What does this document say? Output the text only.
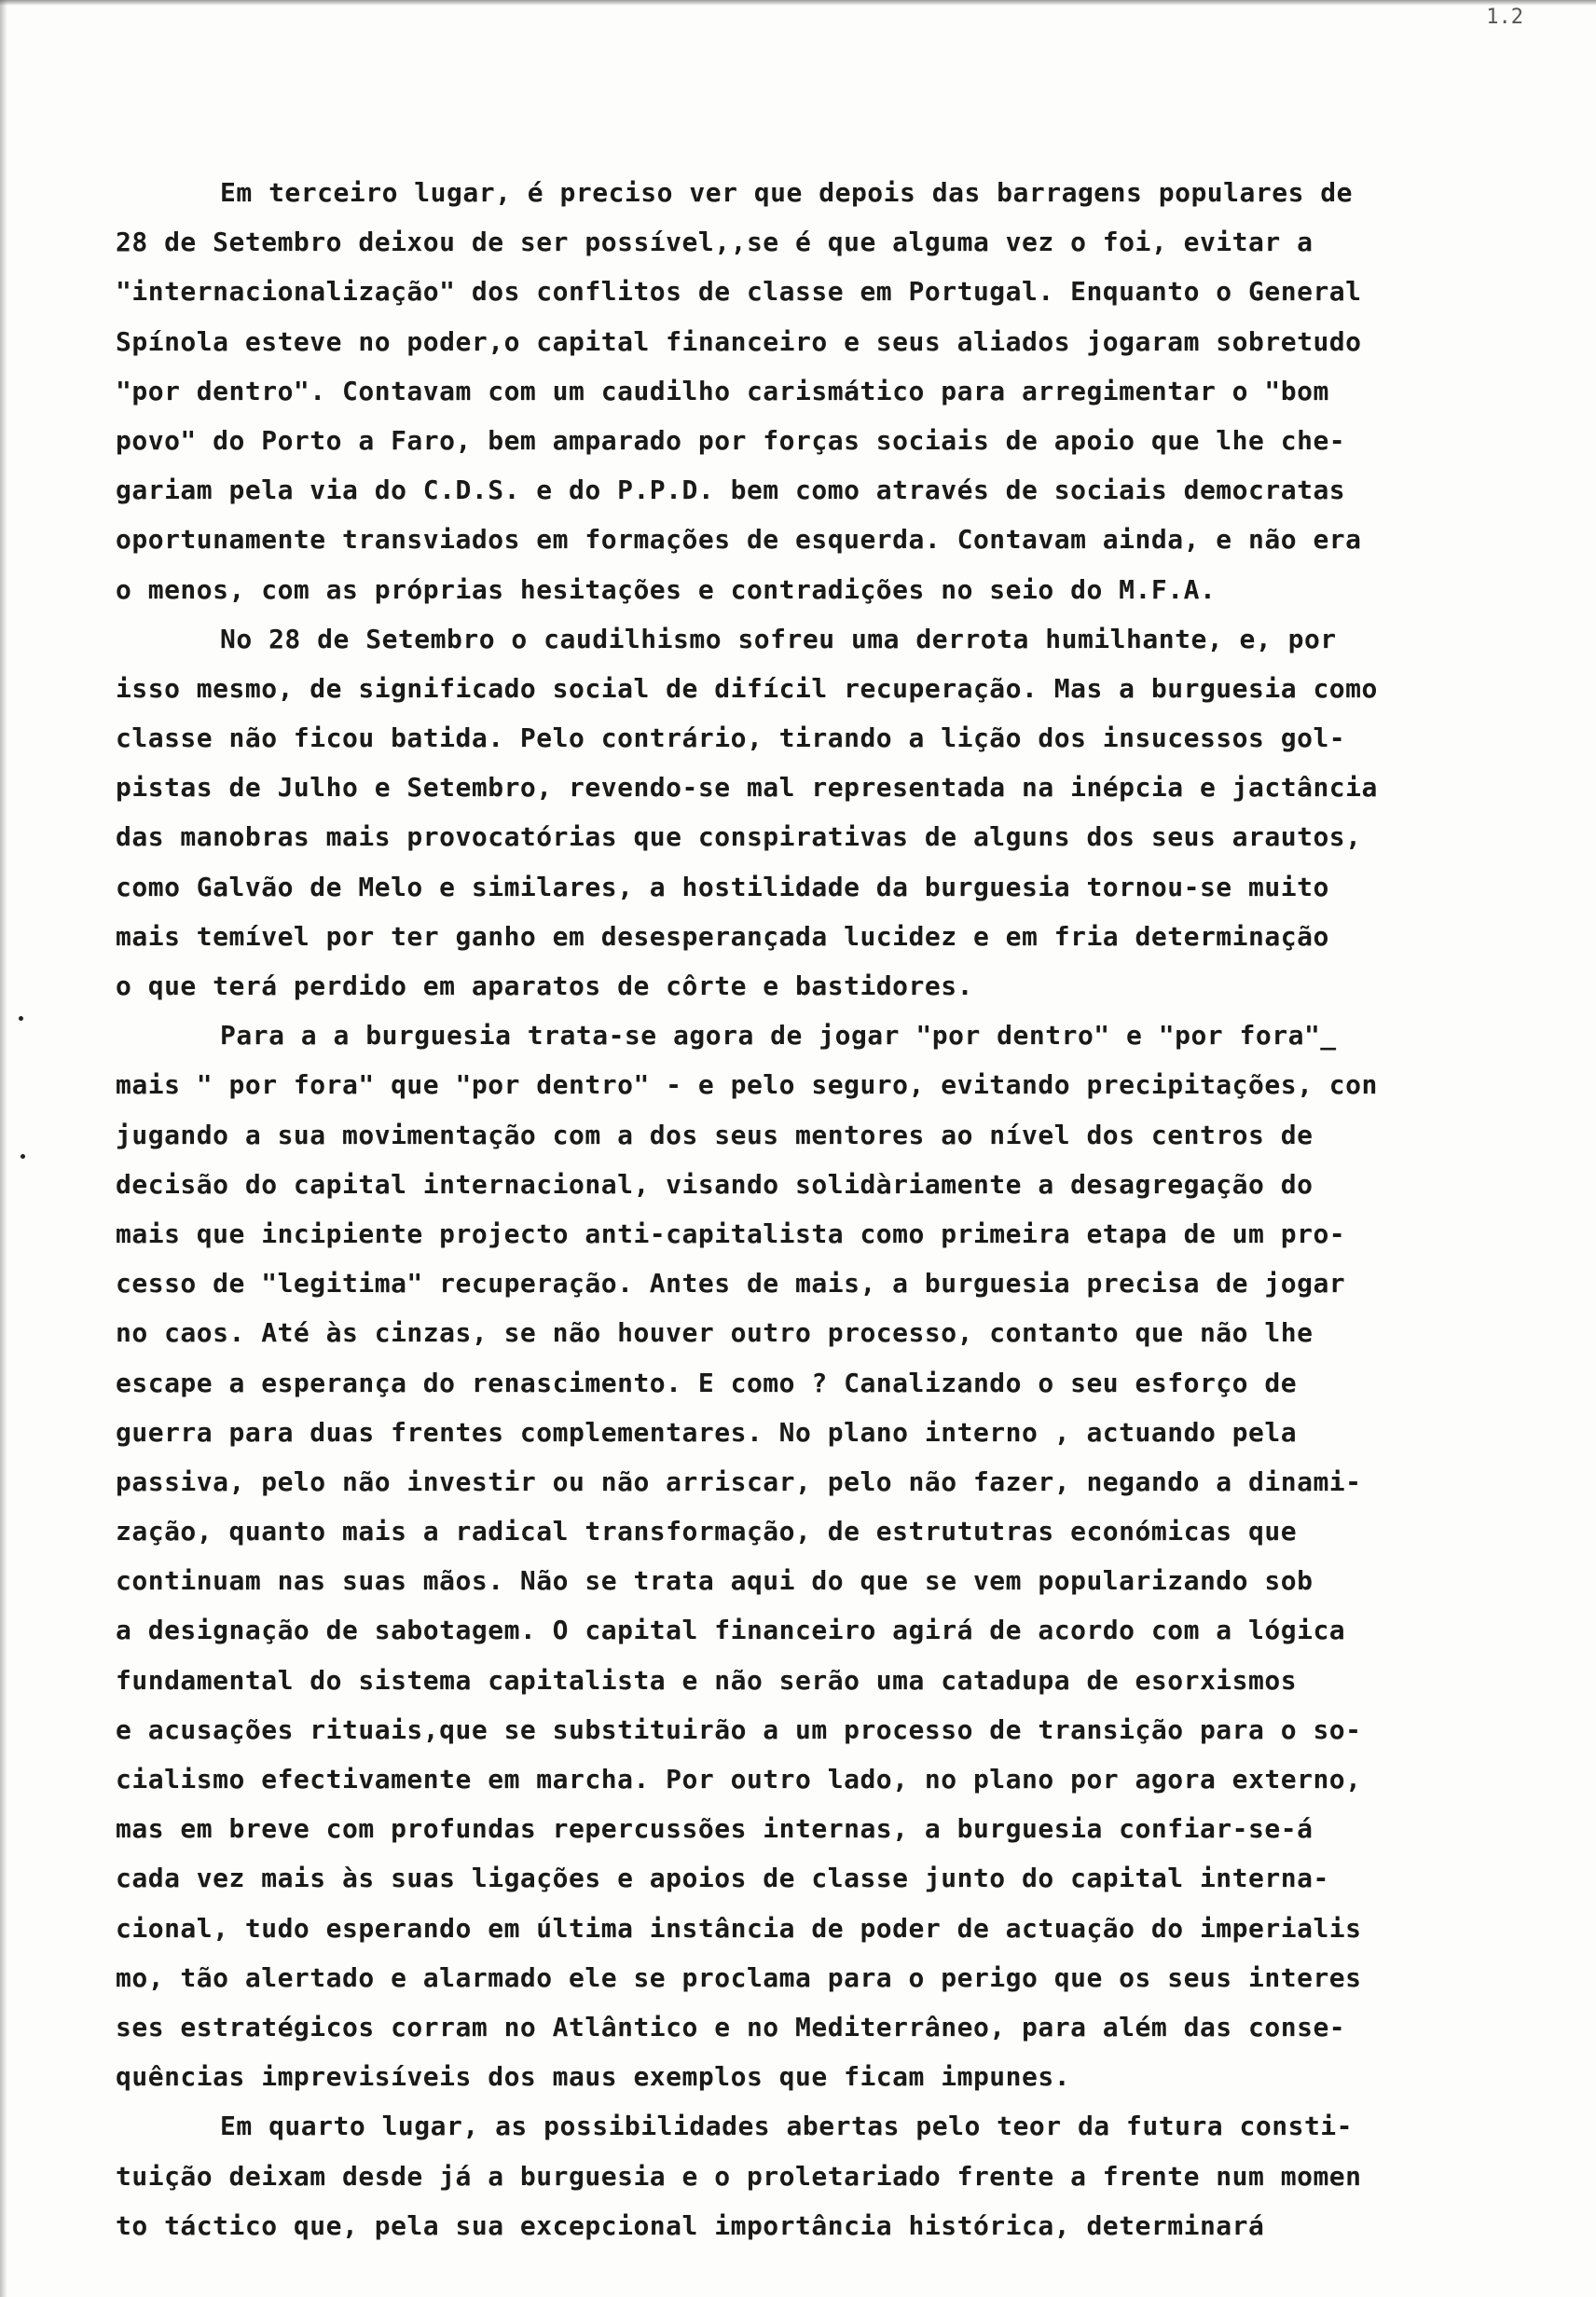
1.2
Em terceiro lugar, é preciso ver que depois das barragens populares de
28 de Setembro deixou de ser possível,,se é que alguma vez o foi, evitar a
"internacionalização" dos conflitos de classe em Portugal. Enquanto o General
Spínola esteve no poder,o capital financeiro e seus aliados jogaram sobretudo
"por dentro". Contavam com um caudilho carismático para arregimentar o "bom
povo" do Porto a Faro, bem amparado por forças sociais de apoio que lhe che-
gariam pela via do C.D.S. e do P.P.D. bem como através de sociais democratas
oportunamente transviados em formações de esquerda. Contavam ainda, e não era
o menos, com as próprias hesitações e contradições no seio do M.F.A.
No 28 de Setembro o caudilhismo sofreu uma derrota humilhante, e, por
isso mesmo, de significado social de difícil recuperação. Mas a burguesia como
classe não ficou batida. Pelo contrário, tirando a lição dos insucessos gol-
pistas de Julho e Setembro, revendo-se mal representada na inépcia e jactância
das manobras mais provocatórias que conspirativas de alguns dos seus arautos,
como Galvão de Melo e similares, a hostilidade da burguesia tornou-se muito
mais temível por ter ganho em desesperançada lucidez e em fria determinação
o que terá perdido em aparatos de côrte e bastidores.
Para a a burguesia trata-se agora de jogar "por dentro" e "por fora"_
mais " por fora" que "por dentro" - e pelo seguro, evitando precipitações, con
jugando a sua movimentação com a dos seus mentores ao nível dos centros de
decisão do capital internacional, visando solidàriamente a desagregação do
mais que incipiente projecto anti-capitalista como primeira etapa de um pro-
cesso de "legitima" recuperação. Antes de mais, a burguesia precisa de jogar
no caos. Até às cinzas, se não houver outro processo, contanto que não lhe
escape a esperança do renascimento. E como ? Canalizando o seu esforço de
guerra para duas frentes complementares. No plano interno , actuando pela
passiva, pelo não investir ou não arriscar, pelo não fazer, negando a dinami-
zação, quanto mais a radical transformação, de estrututras económicas que
continuam nas suas mãos. Não se trata aqui do que se vem popularizando sob
a designação de sabotagem. O capital financeiro agirá de acordo com a lógica
fundamental do sistema capitalista e não serão uma catadupa de esorxismos
e acusações rituais,que se substituirão a um processo de transição para o so-
cialismo efectivamente em marcha. Por outro lado, no plano por agora externo,
mas em breve com profundas repercussões internas, a burguesia confiar-se-á
cada vez mais às suas ligações e apoios de classe junto do capital interna-
cional, tudo esperando em última instância de poder de actuação do imperialis
mo, tão alertado e alarmado ele se proclama para o perigo que os seus interes
ses estratégicos corram no Atlântico e no Mediterrâneo, para além das conse-
quências imprevisíveis dos maus exemplos que ficam impunes.
Em quarto lugar, as possibilidades abertas pelo teor da futura consti-
tuição deixam desde já a burguesia e o proletariado frente a frente num momen
to táctico que, pela sua excepcional importância histórica, determinará
